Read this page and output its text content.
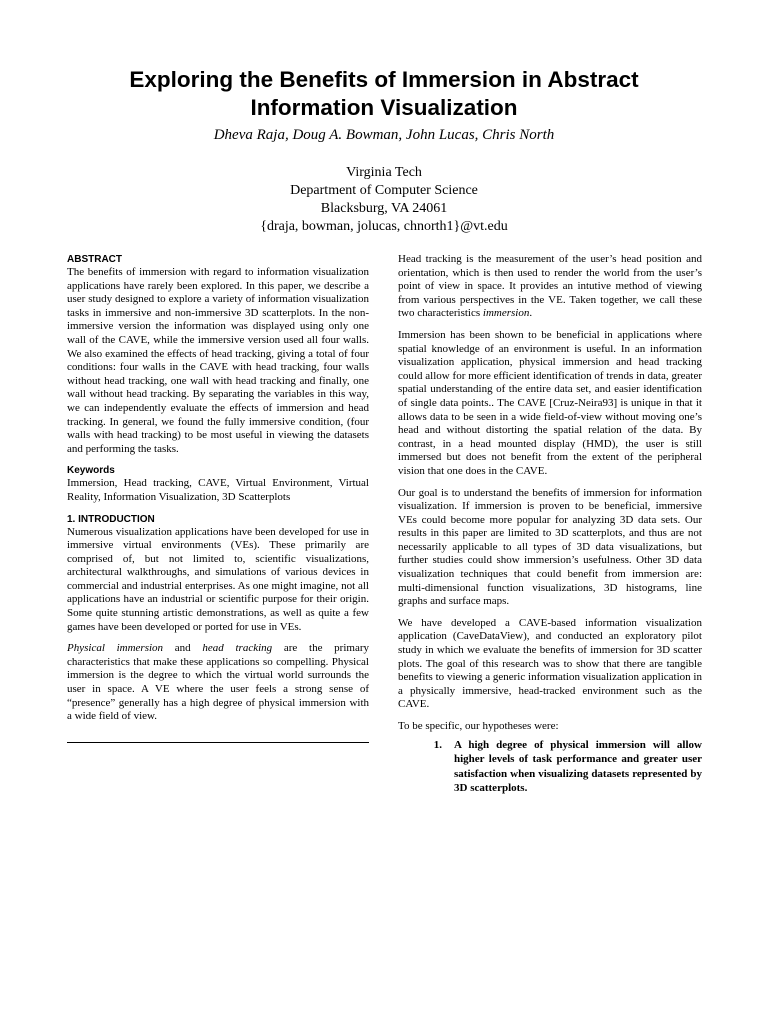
Exploring the Benefits of Immersion in Abstract
Information Visualization
Dheva Raja, Doug A. Bowman, John Lucas, Chris North
Virginia Tech
Department of Computer Science
Blacksburg, VA 24061
{draja, bowman, jolucas, chnorth1}@vt.edu
ABSTRACT

The benefits of immersion with regard to information visualization applications have rarely been explored. In this paper, we describe a user study designed to explore a variety of information visualization tasks in immersive and non-immersive 3D scatterplots. In the non-immersive version the information was displayed using only one wall of the CAVE, while the immersive version used all four walls. We also examined the effects of head tracking, giving a total of four conditions: four walls in the CAVE with head tracking, four walls without head tracking, one wall with head tracking and finally, one wall without head tracking. By separating the variables in this way, we can independently evaluate the effects of immersion and head tracking. In general, we found the fully immersive condition, (four walls with head tracking) to be most useful in viewing the datasets and performing the tasks.

Keywords

Immersion, Head tracking, CAVE, Virtual Environment, Virtual Reality, Information Visualization, 3D Scatterplots

1. INTRODUCTION

Numerous visualization applications have been developed for use in immersive virtual environments (VEs). These primarily are comprised of, but not limited to, scientific visualizations, architectural walkthroughs, and simulations of various devices in commercial and industrial enterprises. As one might imagine, not all applications have an industrial or scientific purpose for their origin. Some quite stunning artistic demonstrations, as well as quite a few games have been developed or ported for use in VEs.

Physical immersion and head tracking are the primary characteristics that make these applications so compelling. Physical immersion is the degree to which the virtual world surrounds the user in space. A VE where the user feels a strong sense of “presence” generally has a high degree of physical immersion with a wide field of view.

Head tracking is the measurement of the user’s head position and orientation, which is then used to render the world from the user’s point of view in space. It provides an intutive method of viewing from various perspectives in the VE. Taken together, we call these two characteristics immersion.

Immersion has been shown to be beneficial in applications where spatial knowledge of an environment is useful. In an information visualization application, physical immersion and head tracking could allow for more efficient identification of trends in data, greater spatial understanding of the entire data set, and easier identification of single data points.. The CAVE [Cruz-Neira93] is unique in that it allows data to be seen in a wide field-of-view without moving one’s head and without distorting the spatial relation of the data. By contrast, in a head mounted display (HMD), the user is still immersed but does not benefit from the extent of the peripheral vision that one does in the CAVE.

Our goal is to understand the benefits of immersion for information visualization. If immersion is proven to be beneficial, immersive VEs could become more popular for analyzing 3D data sets. Our results in this paper are limited to 3D scatterplots, and thus are not necessarily applicable to all types of 3D data visualizations, but further studies could show immersion’s usefulness. Other 3D data visualization techniques that could benefit from immersion are: multi-dimensional function visualizations, 3D histograms, line graphs and surface maps.

We have developed a CAVE-based information visualization application (CaveDataView), and conducted an exploratory pilot study in which we evaluate the benefits of immersion for 3D scatter plots. The goal of this research was to show that there are tangible benefits to viewing a generic information visualization application in a physically immersive, head-tracked environment such as the CAVE.

To be specific, our hypotheses were:

1.	A high degree of physical immersion will allow higher levels of task performance and greater user satisfaction when visualizing datasets represented by 3D scatterplots.
